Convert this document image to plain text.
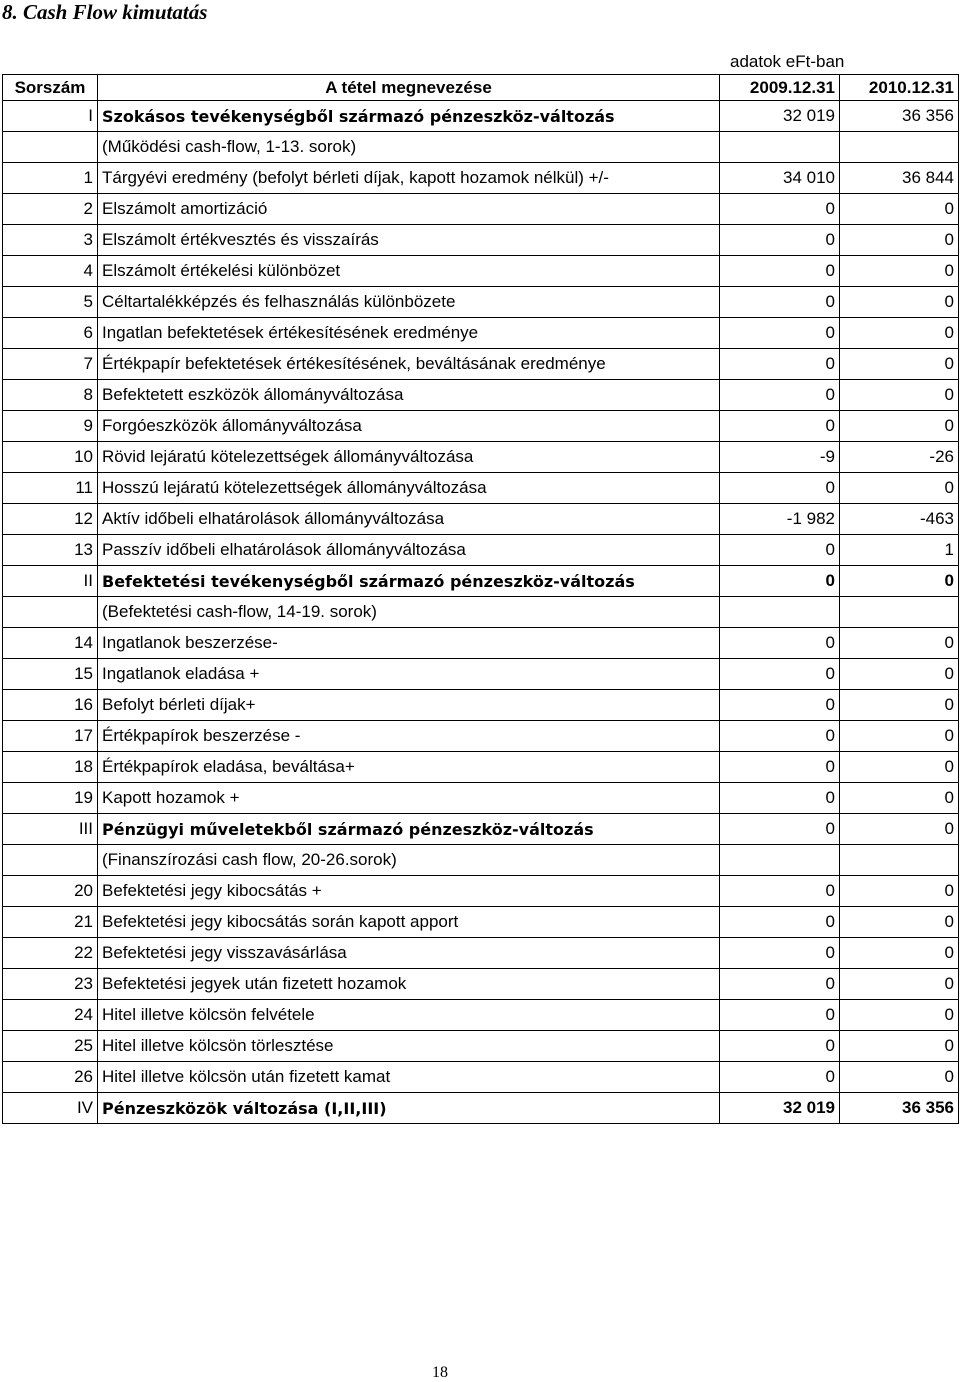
8. Cash Flow kimutatás
adatok eFt-ban
Sorszám	A tétel megnevezése	2009.12.31	2010.12.31
I	Szokásos tevékenységből származó pénzeszköz-változás	32 019	36 356
	(Működési cash-flow, 1-13. sorok)		
1	Tárgyévi eredmény (befolyt bérleti díjak, kapott hozamok nélkül) +/-	34 010	36 844
2	Elszámolt amortizáció	0	0
3	Elszámolt értékvesztés és visszaírás	0	0
4	Elszámolt értékelési különbözet	0	0
5	Céltartalékképzés és felhasználás különbözete	0	0
6	Ingatlan befektetések értékesítésének eredménye	0	0
7	Értékpapír befektetések értékesítésének, beváltásának eredménye	0	0
8	Befektetett eszközök állományváltozása	0	0
9	Forgóeszközök állományváltozása	0	0
10	Rövid lejáratú kötelezettségek állományváltozása	-9	-26
11	Hosszú lejáratú kötelezettségek állományváltozása	0	0
12	Aktív időbeli elhatárolások állományváltozása	-1 982	-463
13	Passzív időbeli elhatárolások állományváltozása	0	1
II	Befektetési tevékenységből származó pénzeszköz-változás	0	0
	(Befektetési cash-flow, 14-19. sorok)		
14	Ingatlanok beszerzése-	0	0
15	Ingatlanok eladása +	0	0
16	Befolyt bérleti díjak+	0	0
17	Értékpapírok beszerzése -	0	0
18	Értékpapírok eladása, beváltása+	0	0
19	Kapott hozamok +	0	0
III	Pénzügyi műveletekből származó pénzeszköz-változás	0	0
	(Finanszírozási cash flow, 20-26.sorok)		
20	Befektetési jegy kibocsátás +	0	0
21	Befektetési jegy kibocsátás során kapott apport	0	0
22	Befektetési jegy visszavásárlása	0	0
23	Befektetési jegyek után fizetett hozamok	0	0
24	Hitel illetve kölcsön felvétele	0	0
25	Hitel illetve kölcsön törlesztése	0	0
26	Hitel illetve kölcsön után fizetett kamat	0	0
IV	Pénzeszközök változása (I,II,III)	32 019	36 356
18
